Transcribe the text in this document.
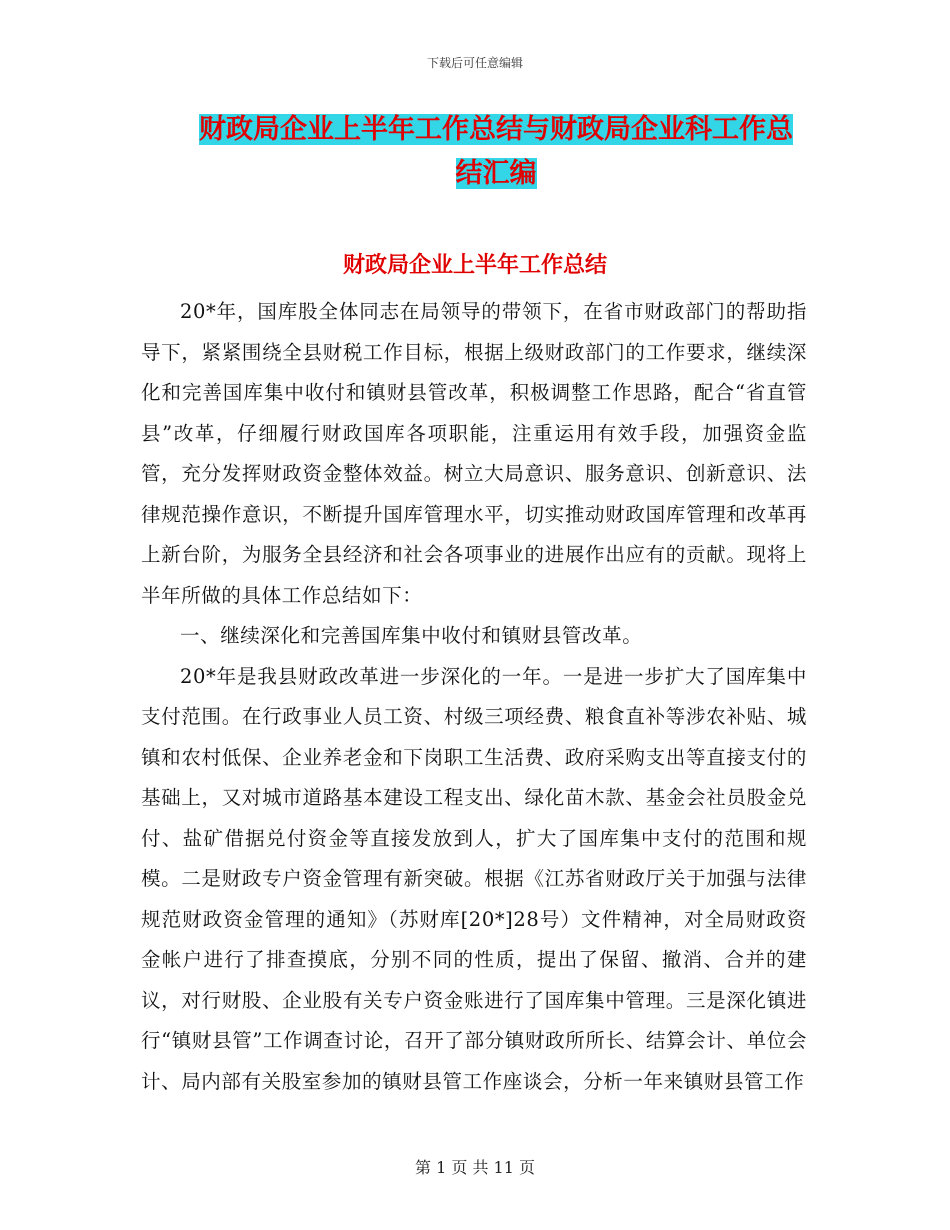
下载后可任意编辑
财政局企业上半年工作总结与财政局企业科工作总结汇编
财政局企业上半年工作总结

20*年，国库股全体同志在局领导的带领下，在省市财政部门的帮助指导下，紧紧围绕全县财税工作目标，根据上级财政部门的工作要求，继续深化和完善国库集中收付和镇财县管改革，积极调整工作思路，配合“省直管县”改革，仔细履行财政国库各项职能，注重运用有效手段，加强资金监管，充分发挥财政资金整体效益。树立大局意识、服务意识、创新意识、法律规范操作意识，不断提升国库管理水平，切实推动财政国库管理和改革再上新台阶，为服务全县经济和社会各项事业的进展作出应有的贡献。现将上半年所做的具体工作总结如下：

一、继续深化和完善国库集中收付和镇财县管改革。

20*年是我县财政改革进一步深化的一年。一是进一步扩大了国库集中支付范围。在行政事业人员工资、村级三项经费、粮食直补等涉农补贴、城镇和农村低保、企业养老金和下岗职工生活费、政府采购支出等直接支付的基础上，又对城市道路基本建设工程支出、绿化苗木款、基金会社员股金兑付、盐矿借据兑付资金等直接发放到人，扩大了国库集中支付的范围和规模。二是财政专户资金管理有新突破。根据《江苏省财政厅关于加强与法律规范财政资金管理的通知》（苏财库[20*]28号）文件精神，对全局财政资金帐户进行了排查摸底，分别不同的性质，提出了保留、撤消、合并的建议，对行财股、企业股有关专户资金账进行了国库集中管理。三是深化镇进行“镇财县管”工作调查讨论，召开了部分镇财政所所长、结算会计、单位会计、局内部有关股室参加的镇财县管工作座谈会，分析一年来镇财县管工作

第 1 页 共 11 页
